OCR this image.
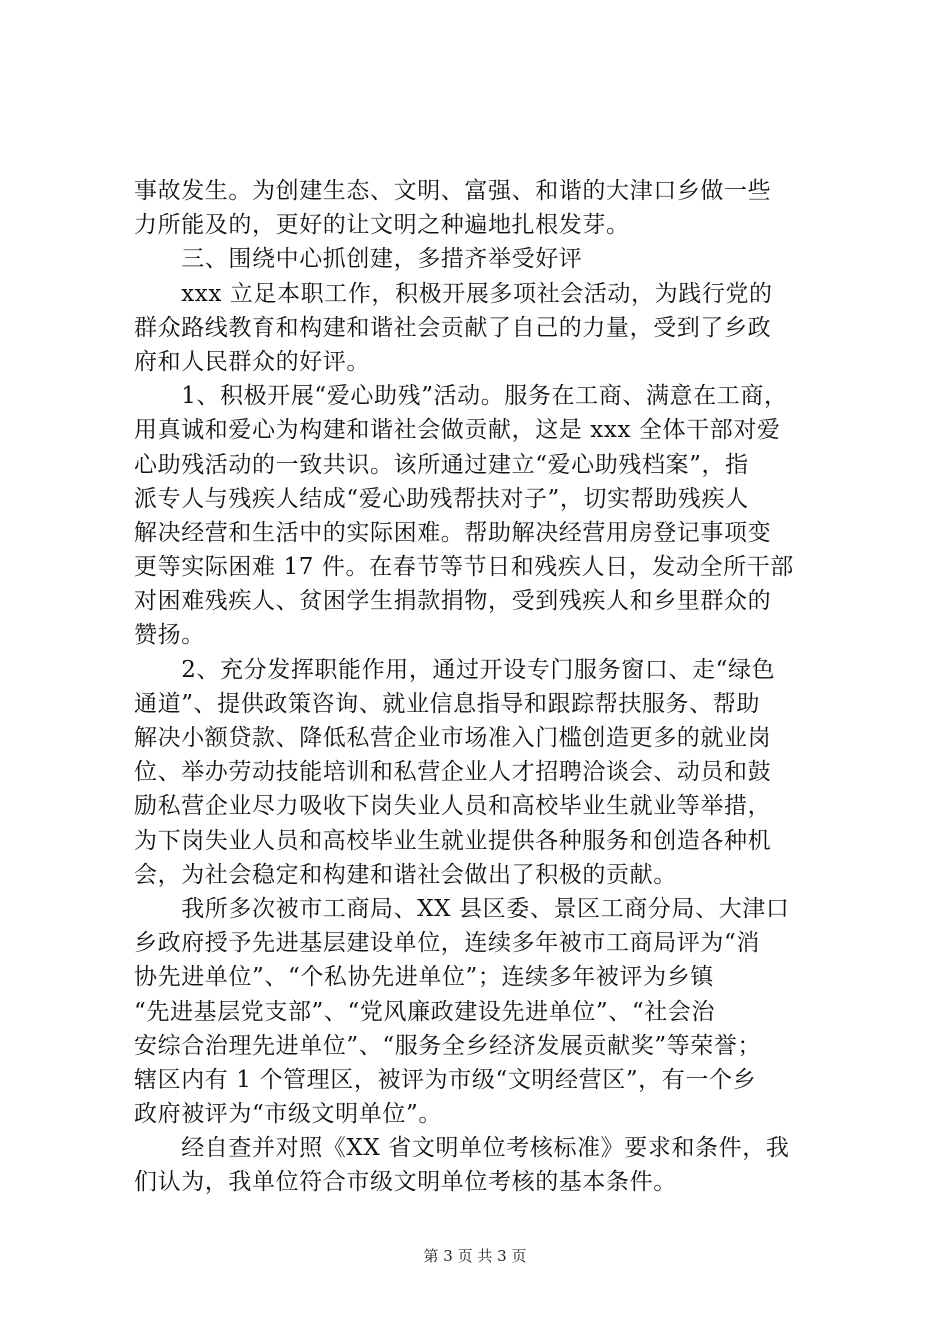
事故发生。为创建生态、文明、富强、和谐的大津口乡做一些
力所能及的，更好的让文明之种遍地扎根发芽。
　　三、围绕中心抓创建，多措齐举受好评
　　xxx 立足本职工作，积极开展多项社会活动，为践行党的
群众路线教育和构建和谐社会贡献了自己的力量，受到了乡政
府和人民群众的好评。
　　1、积极开展“爱心助残”活动。服务在工商、满意在工商，
用真诚和爱心为构建和谐社会做贡献，这是 xxx 全体干部对爱
心助残活动的一致共识。该所通过建立“爱心助残档案”，指
派专人与残疾人结成“爱心助残帮扶对子”，切实帮助残疾人
解决经营和生活中的实际困难。帮助解决经营用房登记事项变
更等实际困难 17 件。在春节等节日和残疾人日，发动全所干部
对困难残疾人、贫困学生捐款捐物，受到残疾人和乡里群众的
赞扬。
　　2、充分发挥职能作用，通过开设专门服务窗口、走“绿色
通道”、提供政策咨询、就业信息指导和跟踪帮扶服务、帮助
解决小额贷款、降低私营企业市场准入门槛创造更多的就业岗
位、举办劳动技能培训和私营企业人才招聘洽谈会、动员和鼓
励私营企业尽力吸收下岗失业人员和高校毕业生就业等举措，
为下岗失业人员和高校毕业生就业提供各种服务和创造各种机
会，为社会稳定和构建和谐社会做出了积极的贡献。
　　我所多次被市工商局、XX 县区委、景区工商分局、大津口
乡政府授予先进基层建设单位，连续多年被市工商局评为“消
协先进单位”、“个私协先进单位”；连续多年被评为乡镇
“先进基层党支部”、“党风廉政建设先进单位”、“社会治
安综合治理先进单位”、“服务全乡经济发展贡献奖”等荣誉；
辖区内有 1 个管理区，被评为市级“文明经营区”，有一个乡
政府被评为“市级文明单位”。
　　经自查并对照《XX 省文明单位考核标准》要求和条件，我
们认为，我单位符合市级文明单位考核的基本条件。
第 3 页 共 3 页
